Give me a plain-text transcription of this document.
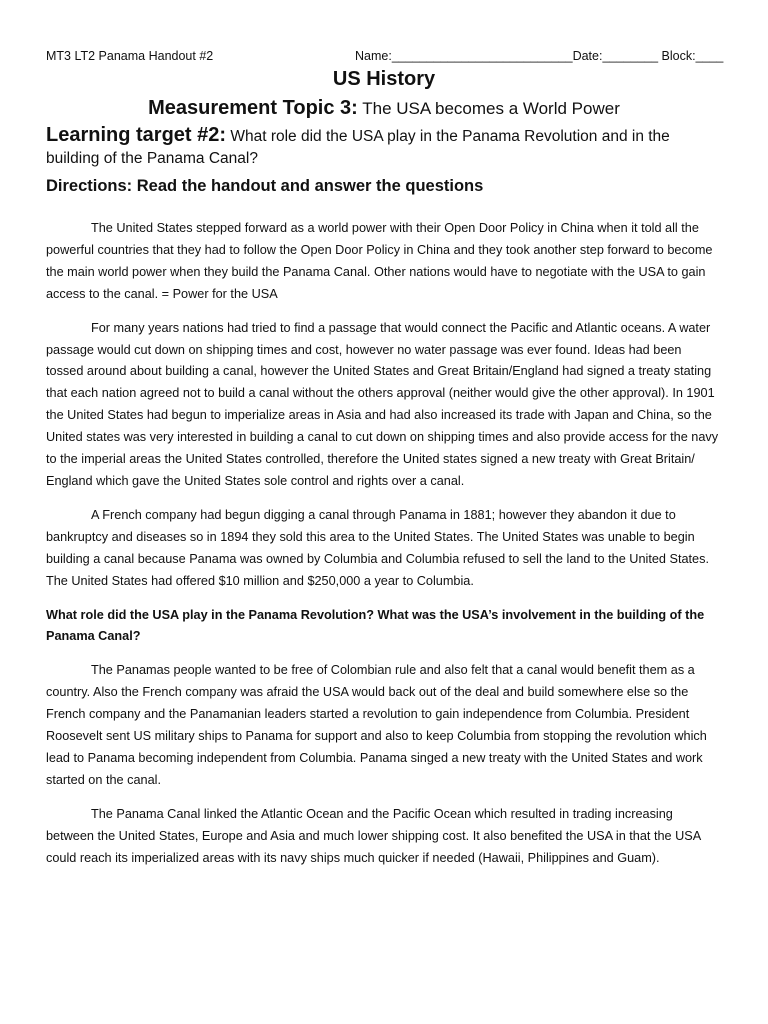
MT3 LT2 Panama Handout #2	Name:__________________________Date:________ Block:____
US History
Measurement Topic 3: The USA becomes a World Power
Learning target #2: What role did the USA play in the Panama Revolution and in the building of the Panama Canal?
Directions: Read the handout and answer the questions

The United States stepped forward as a world power with their Open Door Policy in China when it told all the powerful countries that they had to follow the Open Door Policy in China and they took another step forward to become the main world power when they build the Panama Canal. Other nations would have to negotiate with the USA to gain access to the canal. = Power for the USA

For many years nations had tried to find a passage that would connect the Pacific and Atlantic oceans. A water passage would cut down on shipping times and cost, however no water passage was ever found. Ideas had been tossed around about building a canal, however the United States and Great Britain/England had signed a treaty stating that each nation agreed not to build a canal without the others approval (neither would give the other approval). In 1901 the United States had begun to imperialize areas in Asia and had also increased its trade with Japan and China, so the United states was very interested in building a canal to cut down on shipping times and also provide access for the navy to the imperial areas the United States controlled, therefore the United states signed a new treaty with Great Britain/ England which gave the United States sole control and rights over a canal.

A French company had begun digging a canal through Panama in 1881; however they abandon it due to bankruptcy and diseases so in 1894 they sold this area to the United States. The United States was unable to begin building a canal because Panama was owned by Columbia and Columbia refused to sell the land to the United States. The United States had offered $10 million and $250,000 a year to Columbia.

What role did the USA play in the Panama Revolution? What was the USA’s involvement in the building of the Panama Canal?

The Panamas people wanted to be free of Colombian rule and also felt that a canal would benefit them as a country. Also the French company was afraid the USA would back out of the deal and build somewhere else so the French company and the Panamanian leaders started a revolution to gain independence from Columbia. President Roosevelt sent US military ships to Panama for support and also to keep Columbia from stopping the revolution which lead to Panama becoming independent from Columbia. Panama singed a new treaty with the United States and work started on the canal.

The Panama Canal linked the Atlantic Ocean and the Pacific Ocean which resulted in trading increasing between the United States, Europe and Asia and much lower shipping cost. It also benefited the USA in that the USA could reach its imperialized areas with its navy ships much quicker if needed (Hawaii, Philippines and Guam).
